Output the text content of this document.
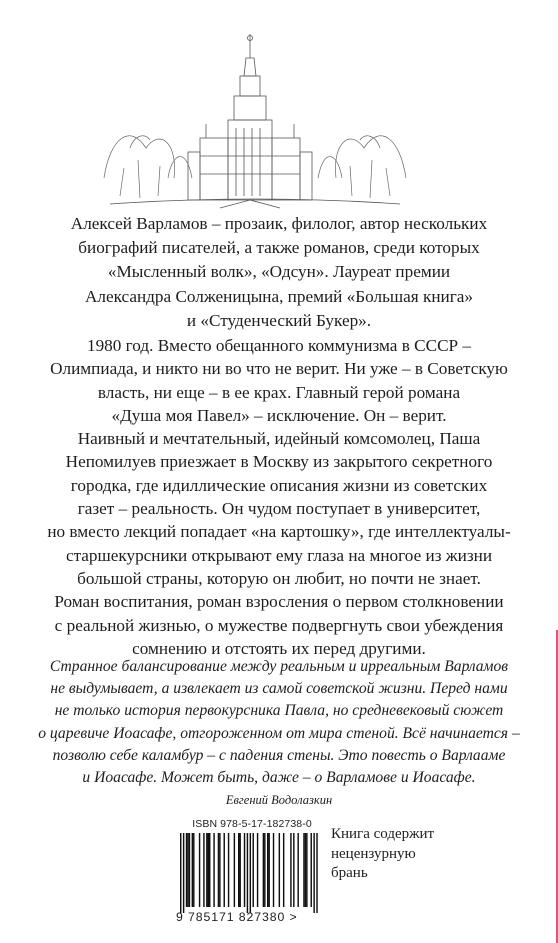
Алексей Варламов – прозаик, филолог, автор нескольких
биографий писателей, а также романов, среди которых
«Мысленный волк», «Одсун». Лауреат премии
Александра Солженицына, премий «Большая книга»
и «Студенческий Букер».
1980 год. Вместо обещанного коммунизма в СССР –
Олимпиада, и никто ни во что не верит. Ни уже – в Советскую
власть, ни еще – в ее крах. Главный герой романа
«Душа моя Павел» – исключение. Он – верит.
Наивный и мечтательный, идейный комсомолец, Паша
Непомилуев приезжает в Москву из закрытого секретного
городка, где идиллические описания жизни из советских
газет – реальность. Он чудом поступает в университет,
но вместо лекций попадает «на картошку», где интеллектуалы-
старшекурсники открывают ему глаза на многое из жизни
большой страны, которую он любит, но почти не знает.
Роман воспитания, роман взросления о первом столкновении
с реальной жизнью, о мужестве подвергнуть свои убеждения
сомнению и отстоять их перед другими.
Странное балансирование между реальным и ирреальным Варламов
не выдумывает, а извлекает из самой советской жизни. Перед нами
не только история первокурсника Павла, но средневековый сюжет
о царевиче Иоасафе, отгороженном от мира стеной. Всё начинается –
позволю себе каламбур – с падения стены. Это повесть о Варлааме
и Иоасафе. Может быть, даже – о Варламове и Иоасафе.
Евгений Водолазкин
ISBN 978-5-17-182738-0
9 785171 827380 >
Книга содержит
нецензурную
брань
